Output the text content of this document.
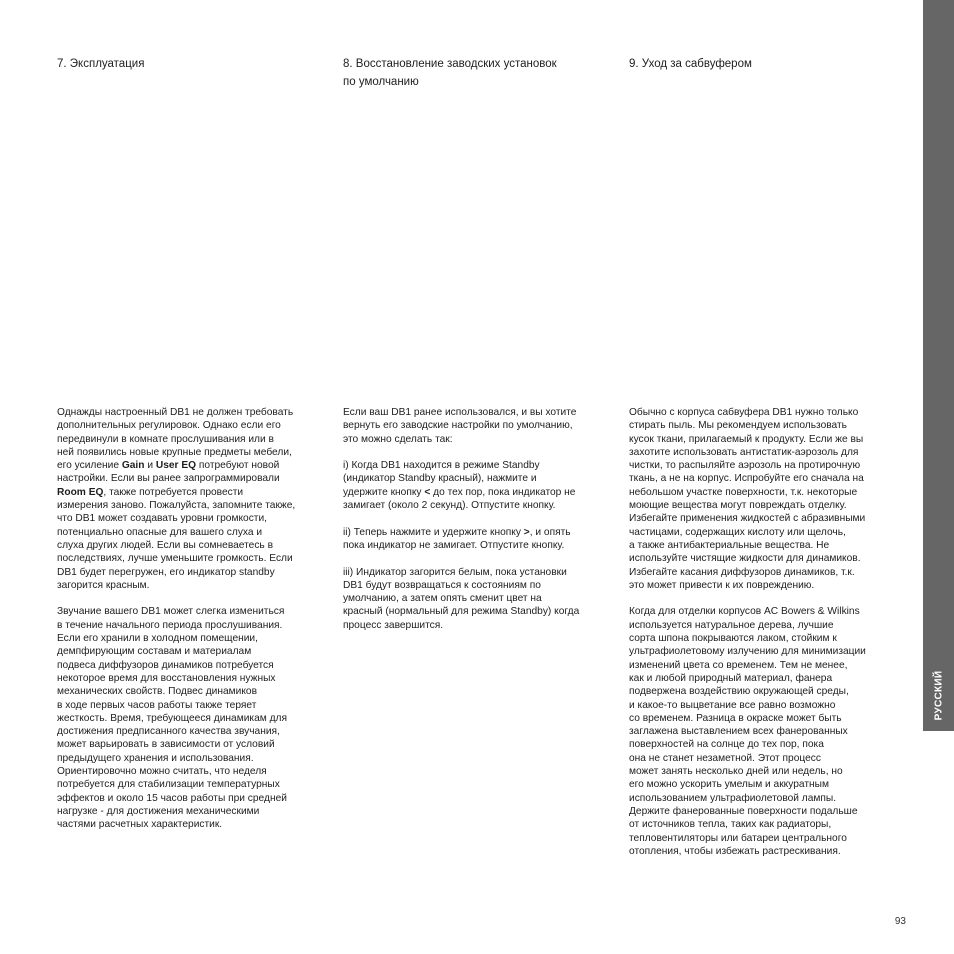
7. Эксплуатация

Однажды настроенный DB1 не должен требовать
дополнительных регулировок. Однако если его
передвинули в комнате прослушивания или в
ней появились новые крупные предметы мебели,
его усиление Gain и User EQ потребуют новой
настройки. Если вы ранее запрограммировали
Room EQ, также потребуется провести
измерения заново. Пожалуйста, запомните также,
что DB1 может создавать уровни громкости,
потенциально опасные для вашего слуха и
слуха других людей. Если вы сомневаетесь в
последствиях, лучше уменьшите громкость. Если
DB1 будет перегружен, его индикатор standby
загорится красным.

Звучание вашего DB1 может слегка измениться
в течение начального периода прослушивания.
Если его хранили в холодном помещении,
демпфирующим составам и материалам
подвеса диффузоров динамиков потребуется
некоторое время для восстановления нужных
механических свойств. Подвес динамиков
в ходе первых часов работы также теряет
жесткость. Время, требующееся динамикам для
достижения предписанного качества звучания,
может варьировать в зависимости от условий
предыдущего хранения и использования.
Ориентировочно можно считать, что неделя
потребуется для стабилизации температурных
эффектов и около 15 часов работы при средней
нагрузке - для достижения механическими
частями расчетных характеристик.

8. Восстановление заводских установок
по умолчанию

Если ваш DB1 ранее использовался, и вы хотите
вернуть его заводские настройки по умолчанию,
это можно сделать так:

i) Когда DB1 находится в режиме Standby
(индикатор Standby красный), нажмите и
удержите кнопку < до тех пор, пока индикатор не
замигает (около 2 секунд). Отпустите кнопку.

ii) Теперь нажмите и удержите кнопку >, и опять
пока индикатор не замигает. Отпустите кнопку.

iii) Индикатор загорится белым, пока установки
DB1 будут возвращаться к состояниям по
умолчанию, а затем опять сменит цвет на
красный (нормальный для режима Standby) когда
процесс завершится.

9. Уход за сабвуфером

Обычно с корпуса сабвуфера DB1 нужно только
стирать пыль. Мы рекомендуем использовать
кусок ткани, прилагаемый к продукту. Если же вы
захотите использовать антистатик-аэрозоль для
чистки, то распыляйте аэрозоль на протирочную
ткань, а не на корпус. Испробуйте его сначала на
небольшом участке поверхности, т.к. некоторые
моющие вещества могут повреждать отделку.
Избегайте применения жидкостей с абразивными
частицами, содержащих кислоту или щелочь,
а также антибактериальные вещества. Не
используйте чистящие жидкости для динамиков.
Избегайте касания диффузоров динамиков, т.к.
это может привести к их повреждению.

Когда для отделки корпусов AC Bowers & Wilkins
используется натуральное дерева, лучшие
сорта шпона покрываются лаком, стойким к
ультрафиолетовому излучению для минимизации
изменений цвета со временем. Тем не менее,
как и любой природный материал, фанера
подвержена воздействию окружающей среды,
и какое-то выцветание все равно возможно
со временем. Разница в окраске может быть
заглажена выставлением всех фанерованных
поверхностей на солнце до тех пор, пока
она не станет незаметной. Этот процесс
может занять несколько дней или недель, но
его можно ускорить умелым и аккуратным
использованием ультрафиолетовой лампы.
Держите фанерованные поверхности подальше
от источников тепла, таких как радиаторы,
тепловентиляторы или батареи центрального
отопления, чтобы избежать растрескивания.

РУССКИЙ
93
